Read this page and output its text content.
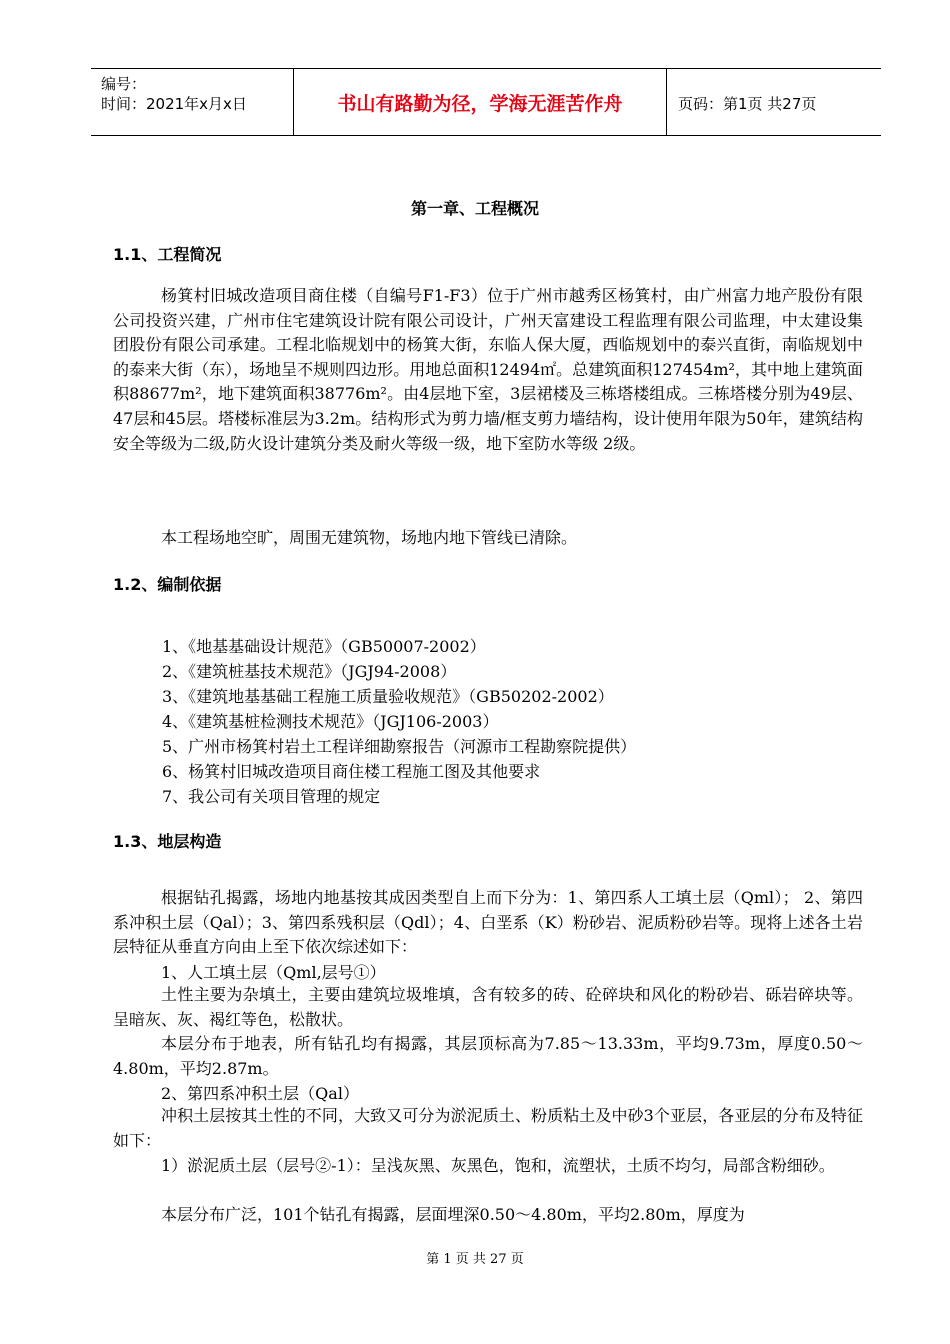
编号：
时间：2021年x月x日	书山有路勤为径，学海无涯苦作舟	页码：第1页 共27页
第一章、工程概况
1.1、工程简况
杨箕村旧城改造项目商住楼（自编号F1-F3）位于广州市越秀区杨箕村，由广州富力地产股份有限公司投资兴建，广州市住宅建筑设计院有限公司设计，广州天富建设工程监理有限公司监理，中太建设集团股份有限公司承建。工程北临规划中的杨箕大街，东临人保大厦，西临规划中的泰兴直街，南临规划中的泰来大街（东），场地呈不规则四边形。用地总面积12494㎡。总建筑面积127454m²，其中地上建筑面积88677m²，地下建筑面积38776m²。由4层地下室，3层裙楼及三栋塔楼组成。三栋塔楼分别为49层、47层和45层。塔楼标准层为3.2m。结构形式为剪力墙/框支剪力墙结构，设计使用年限为50年，建筑结构安全等级为二级,防火设计建筑分类及耐火等级一级，地下室防水等级 2级。
本工程场地空旷，周围无建筑物，场地内地下管线已清除。
1.2、编制依据
1、《地基基础设计规范》（GB50007-2002）
2、《建筑桩基技术规范》（JGJ94-2008）
3、《建筑地基基础工程施工质量验收规范》（GB50202-2002）
4、《建筑基桩检测技术规范》（JGJ106-2003）
5、广州市杨箕村岩土工程详细勘察报告（河源市工程勘察院提供）
6、杨箕村旧城改造项目商住楼工程施工图及其他要求
7、我公司有关项目管理的规定
1.3、地层构造
根据钻孔揭露，场地内地基按其成因类型自上而下分为：1、第四系人工填土层（Qml）； 2、第四系冲积土层（Qal）；3、第四系残积层（Qdl）；4、白垩系（K）粉砂岩、泥质粉砂岩等。现将上述各土岩层特征从垂直方向由上至下依次综述如下：
1、人工填土层（Qml,层号①）
土性主要为杂填土，主要由建筑垃圾堆填，含有较多的砖、砼碎块和风化的粉砂岩、砾岩碎块等。呈暗灰、灰、褐红等色，松散状。
本层分布于地表，所有钻孔均有揭露，其层顶标高为7.85～13.33m，平均9.73m，厚度0.50～4.80m，平均2.87m。
2、第四系冲积土层（Qal）
冲积土层按其土性的不同，大致又可分为淤泥质土、粉质粘土及中砂3个亚层，各亚层的分布及特征如下：
1）淤泥质土层（层号②-1）：呈浅灰黑、灰黑色，饱和，流塑状，土质不均匀，局部含粉细砂。
本层分布广泛，101个钻孔有揭露，层面埋深0.50～4.80m，平均2.80m，厚度为
第 1 页 共 27 页
